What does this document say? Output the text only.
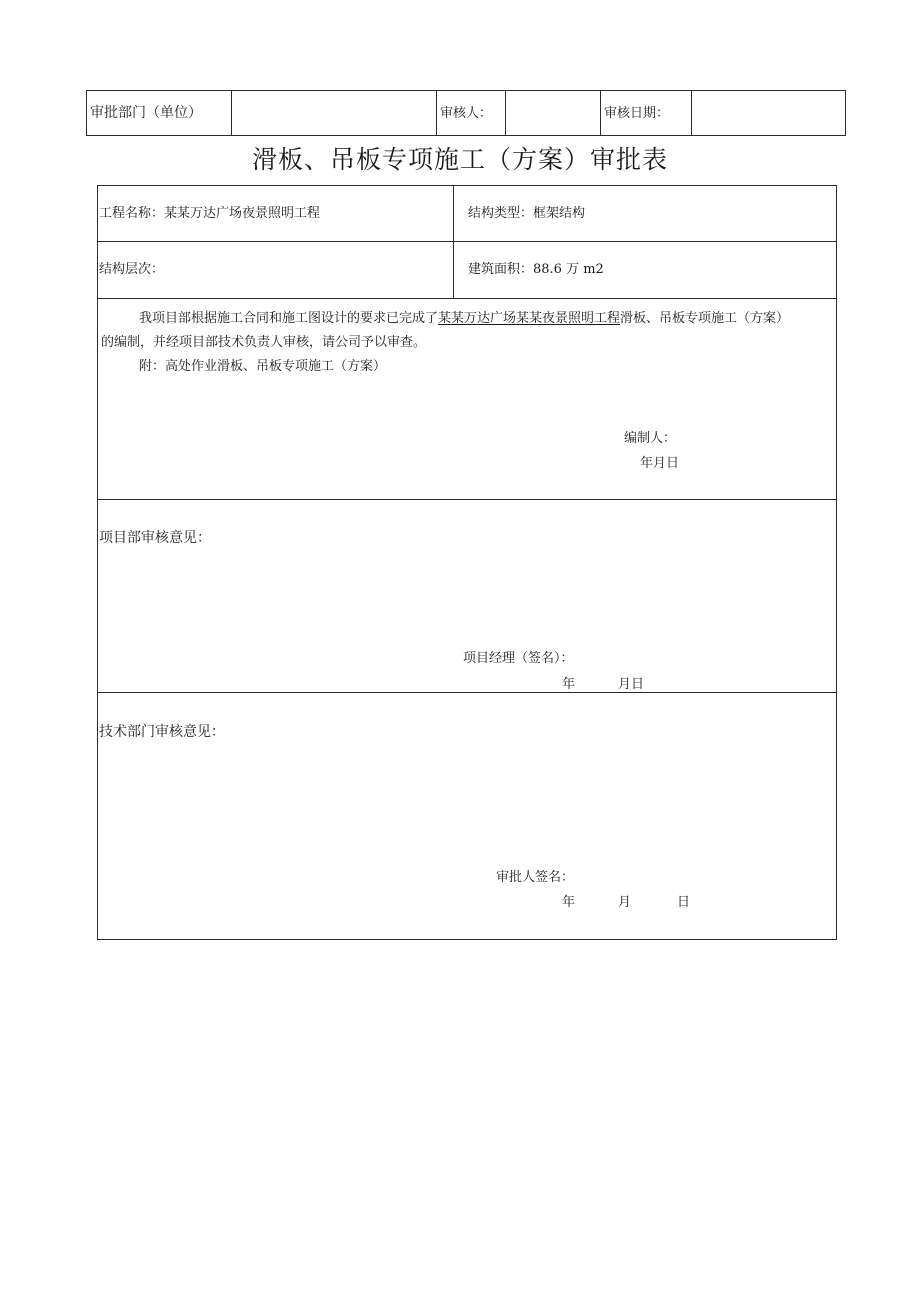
审批部门（单位）	审核人：	审核日期：
滑板、吊板专项施工（方案）审批表
工程名称：某某万达广场夜景照明工程	结构类型：框架结构
结构层次：	建筑面积：88.6 万 m2
我项目部根据施工合同和施工图设计的要求已完成了某某万达广场某某夜景照明工程滑板、吊板专项施工（方案）
的编制，并经项目部技术负责人审核，请公司予以审查。
附：高处作业滑板、吊板专项施工（方案）
编制人：
年月日
项目部审核意见：
项目经理（签名）：
年	月日
技术部门审核意见：
审批人签名：
年	月	日
